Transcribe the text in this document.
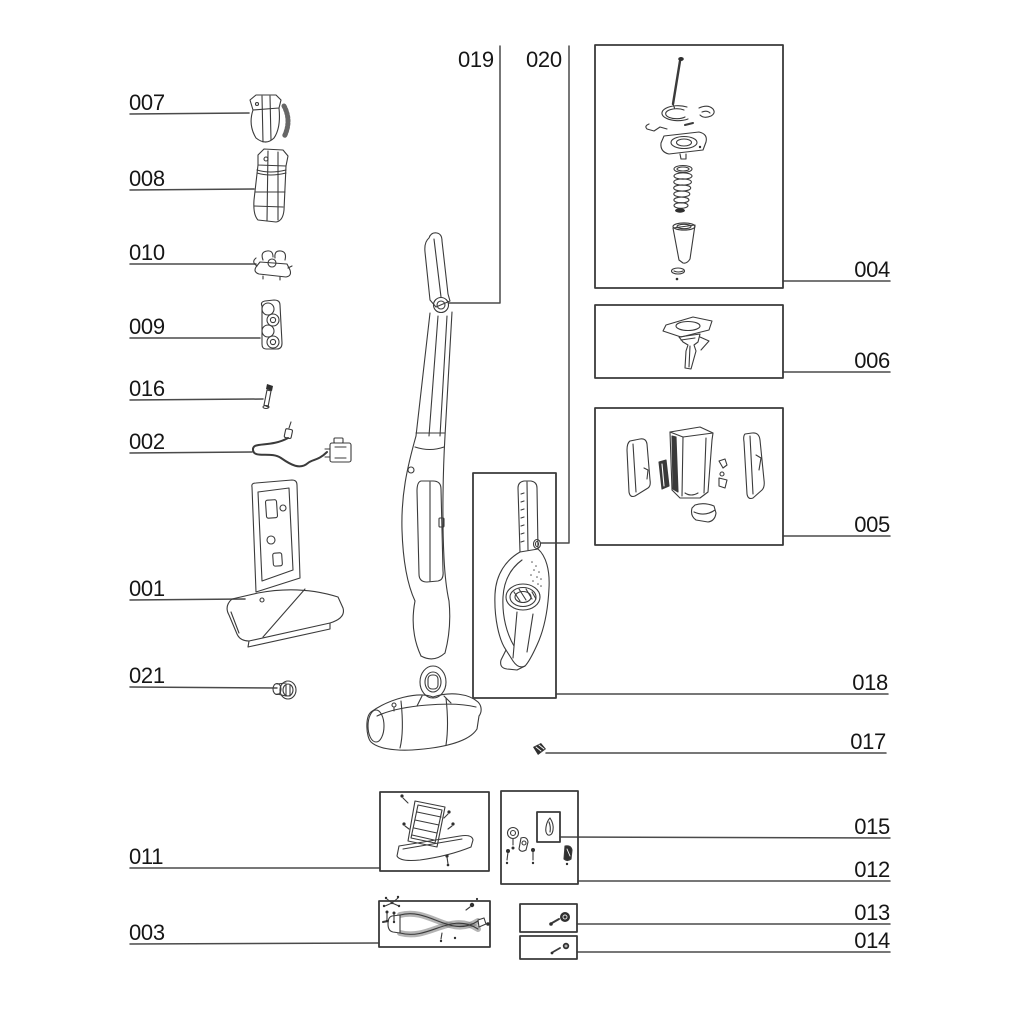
007
008
010
009
016
002
001
021
011
003
019 020
004
006
005
018
017
015
012
013
014
